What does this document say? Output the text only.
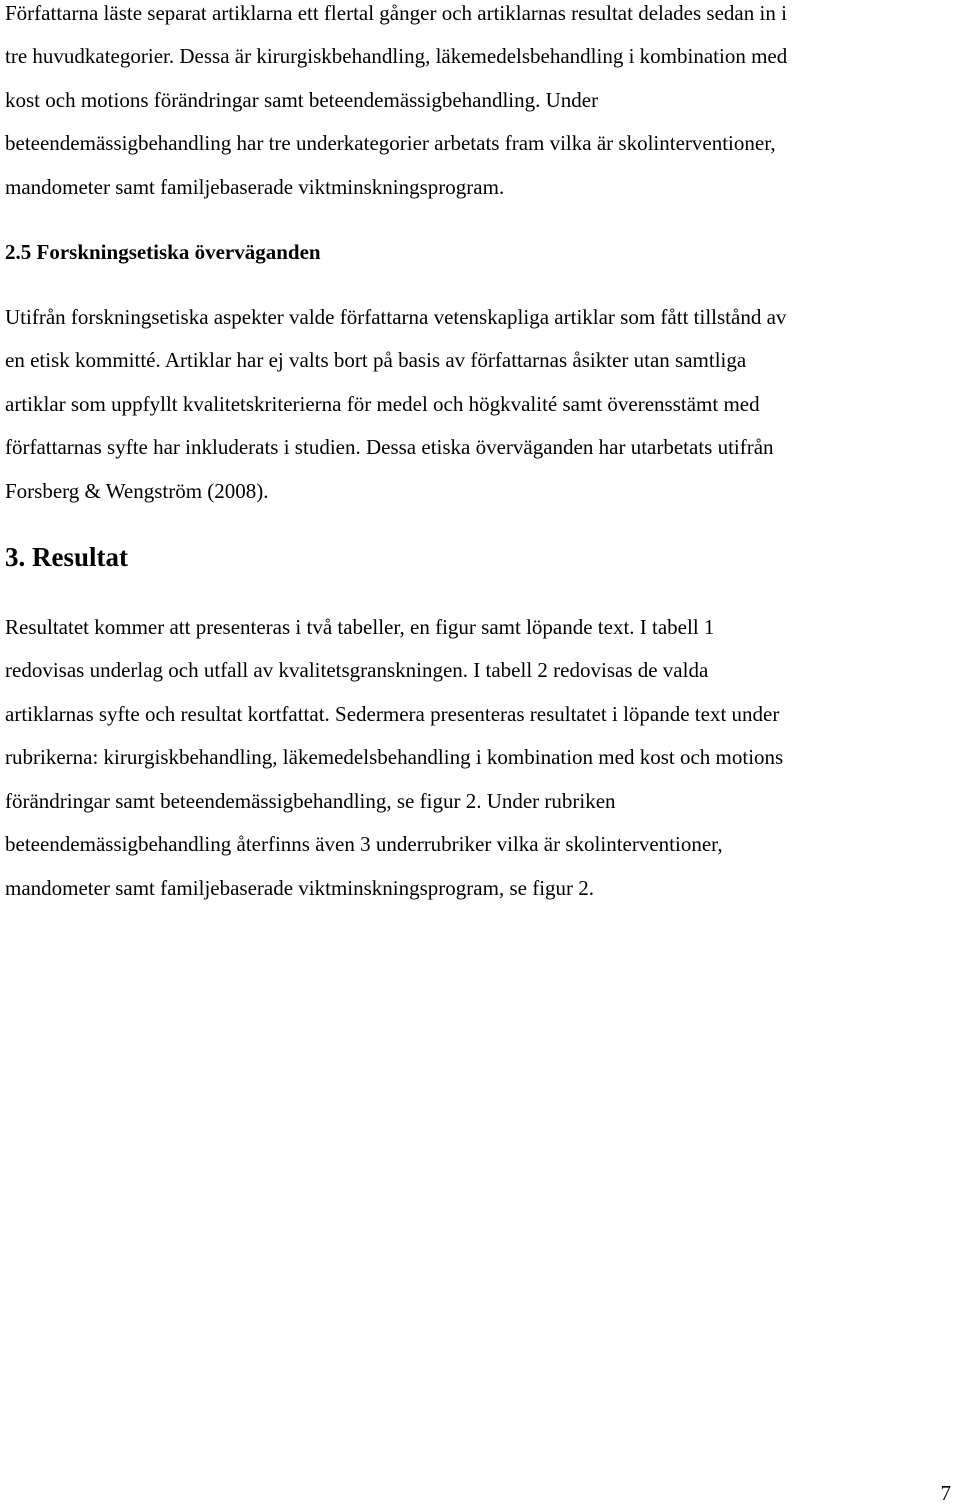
Författarna läste separat artiklarna ett flertal gånger och artiklarnas resultat delades sedan in i
tre huvudkategorier. Dessa är kirurgiskbehandling, läkemedelsbehandling i kombination med
kost och motions förändringar samt beteendemässigbehandling. Under
beteendemässigbehandling har tre underkategorier arbetats fram vilka är skolinterventioner,
mandometer samt familjebaserade viktminskningsprogram.
2.5 Forskningsetiska överväganden
Utifrån forskningsetiska aspekter valde författarna vetenskapliga artiklar som fått tillstånd av
en etisk kommitté. Artiklar har ej valts bort på basis av författarnas åsikter utan samtliga
artiklar som uppfyllt kvalitetskriterierna för medel och högkvalité samt överensstämt med
författarnas syfte har inkluderats i studien. Dessa etiska överväganden har utarbetats utifrån
Forsberg & Wengström (2008).
3. Resultat
Resultatet kommer att presenteras i två tabeller, en figur samt löpande text. I tabell 1
redovisas underlag och utfall av kvalitetsgranskningen. I tabell 2 redovisas de valda
artiklarnas syfte och resultat kortfattat. Sedermera presenteras resultatet i löpande text under
rubrikerna: kirurgiskbehandling, läkemedelsbehandling i kombination med kost och motions
förändringar samt beteendemässigbehandling, se figur 2. Under rubriken
beteendemässigbehandling återfinns även 3 underrubriker vilka är skolinterventioner,
mandometer samt familjebaserade viktminskningsprogram, se figur 2.
7
